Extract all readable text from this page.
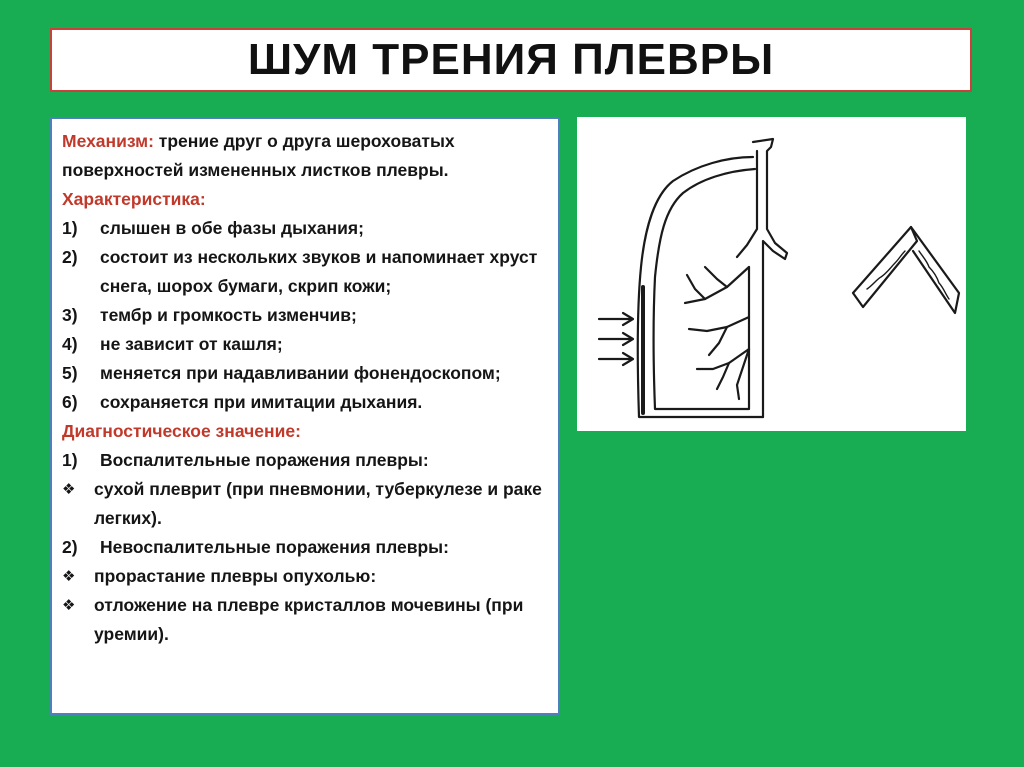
ШУМ ТРЕНИЯ ПЛЕВРЫ

Механизм: трение друг о друга шероховатых поверхностей измененных листков плевры.

Характеристика:

1)	слышен в обе фазы дыхания;
2)	состоит из нескольких звуков и напоминает хруст снега, шорох бумаги, скрип кожи;
3)	тембр и громкость изменчив;
4)	не зависит от кашля;
5)	меняется при надавливании фонендоскопом;
6)	сохраняется при имитации дыхания.

Диагностическое значение:

1)	Воспалительные поражения плевры:
❖	сухой плеврит (при пневмонии, туберкулезе и раке легких).
2)	Невоспалительные поражения плевры:
❖	прорастание плевры опухолью:
❖	отложение на плевре кристаллов мочевины (при уремии).
